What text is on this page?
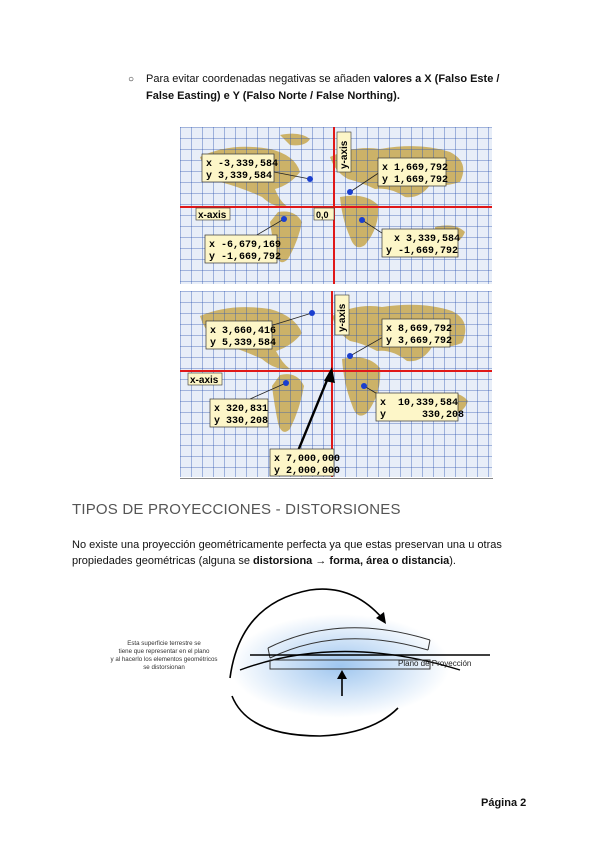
○ Para evitar coordenadas negativas se añaden valores a X (Falso Este / False Easting) e Y (Falso Norte / False Northing).
y-axis
x-axis	0,0
x -3,339,584
y 3,339,584
x 1,669,792
y 1,669,792
x -6,679,169
y -1,669,792
x 3,339,584
y -1,669,792
y-axis
x-axis
x 3,660,416
y 5,339,584
x 8,669,792
y 3,669,792
x 320,831
y 330,208
x  10,339,584
y      330,208
x 7,000,000
y 2,000,000
TIPOS DE PROYECCIONES - DISTORSIONES
No existe una proyección geométricamente perfecta ya que estas preservan una u otras propiedades geométricas (alguna se distorsiona → forma, área o distancia).
Esta superficie terrestre se
tiene que representar en el plano
y al hacerlo los elementos geométricos
se distorsionan	Plano de Proyección
Página 2
